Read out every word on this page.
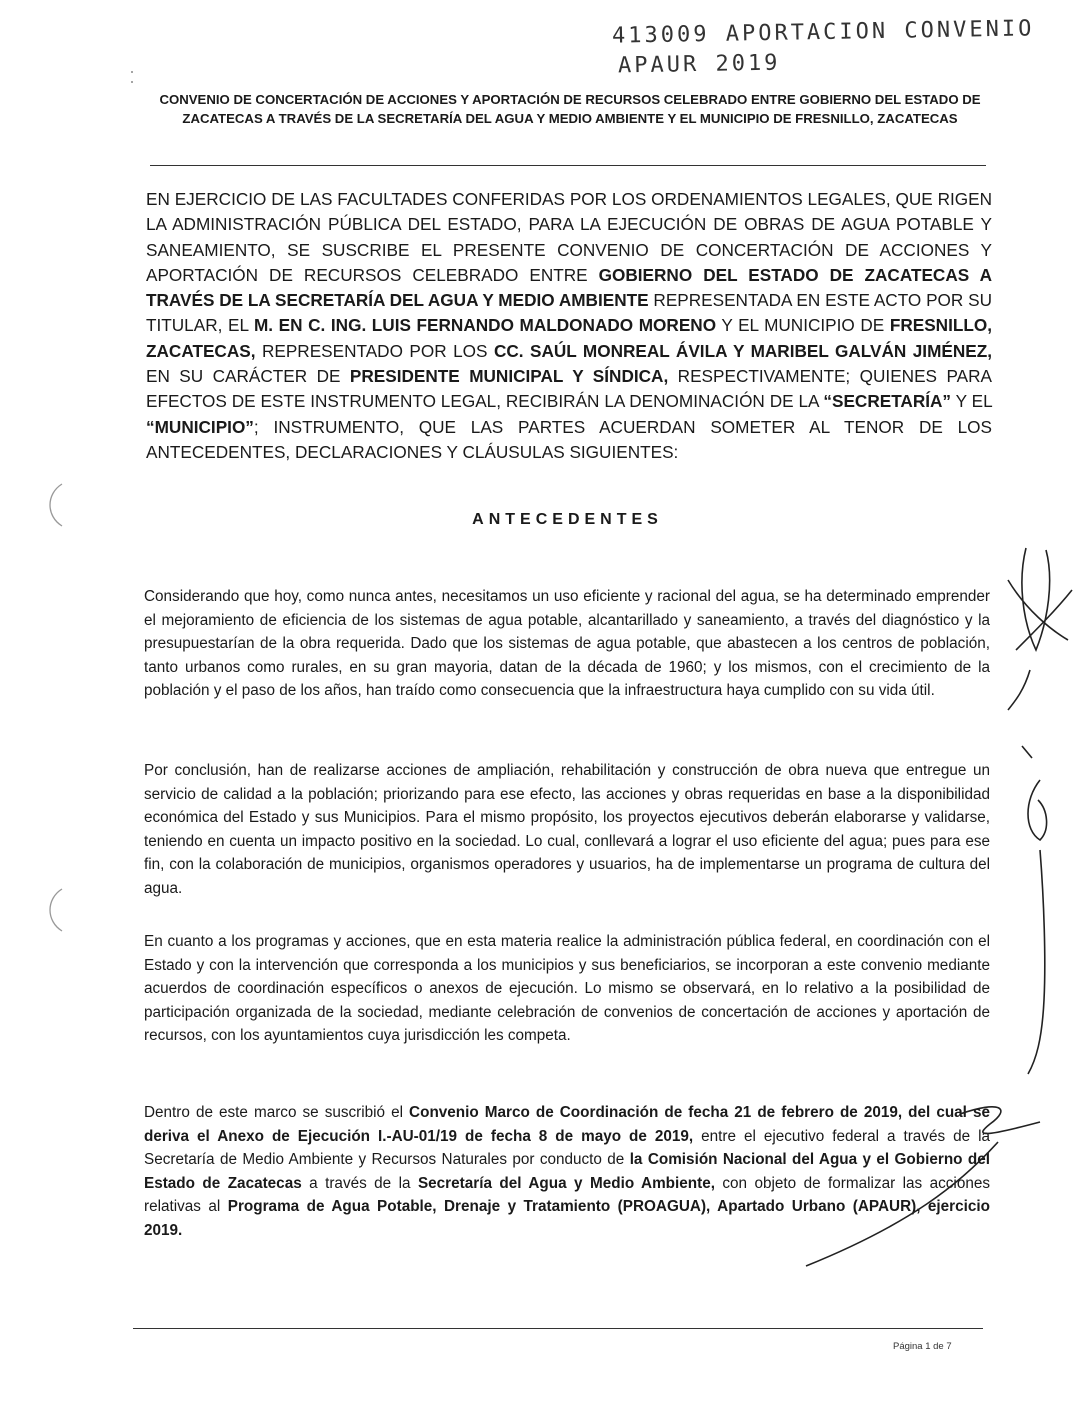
413009 APORTACION CONVENIO
APAUR 2019
CONVENIO DE CONCERTACIÓN DE ACCIONES Y APORTACIÓN DE RECURSOS CELEBRADO ENTRE GOBIERNO DEL ESTADO DE ZACATECAS A TRAVÉS DE LA SECRETARÍA DEL AGUA Y MEDIO AMBIENTE Y EL MUNICIPIO DE FRESNILLO, ZACATECAS
EN EJERCICIO DE LAS FACULTADES CONFERIDAS POR LOS ORDENAMIENTOS LEGALES, QUE RIGEN LA ADMINISTRACIÓN PÚBLICA DEL ESTADO, PARA LA EJECUCIÓN DE OBRAS DE AGUA POTABLE Y SANEAMIENTO, SE SUSCRIBE EL PRESENTE CONVENIO DE CONCERTACIÓN DE ACCIONES Y APORTACIÓN DE RECURSOS CELEBRADO ENTRE GOBIERNO DEL ESTADO DE ZACATECAS A TRAVÉS DE LA SECRETARÍA DEL AGUA Y MEDIO AMBIENTE REPRESENTADA EN ESTE ACTO POR SU TITULAR, EL M. EN C. ING. LUIS FERNANDO MALDONADO MORENO Y EL MUNICIPIO DE FRESNILLO, ZACATECAS, REPRESENTADO POR LOS CC. SAÚL MONREAL ÁVILA Y MARIBEL GALVÁN JIMÉNEZ, EN SU CARÁCTER DE PRESIDENTE MUNICIPAL Y SÍNDICA, RESPECTIVAMENTE; QUIENES PARA EFECTOS DE ESTE INSTRUMENTO LEGAL, RECIBIRÁN LA DENOMINACIÓN DE LA “SECRETARÍA” Y EL “MUNICIPIO”; INSTRUMENTO, QUE LAS PARTES ACUERDAN SOMETER AL TENOR DE LOS ANTECEDENTES, DECLARACIONES Y CLÁUSULAS SIGUIENTES:
ANTECEDENTES
Considerando que hoy, como nunca antes, necesitamos un uso eficiente y racional del agua, se ha determinado emprender el mejoramiento de eficiencia de los sistemas de agua potable, alcantarillado y saneamiento, a través del diagnóstico y la presupuestarían de la obra requerida. Dado que los sistemas de agua potable, que abastecen a los centros de población, tanto urbanos como rurales, en su gran mayoria, datan de la década de 1960; y los mismos, con el crecimiento de la población y el paso de los años, han traído como consecuencia que la infraestructura haya cumplido con su vida útil.
Por conclusión, han de realizarse acciones de ampliación, rehabilitación y construcción de obra nueva que entregue un servicio de calidad a la población; priorizando para ese efecto, las acciones y obras requeridas en base a la disponibilidad económica del Estado y sus Municipios. Para el mismo propósito, los proyectos ejecutivos deberán elaborarse y validarse, teniendo en cuenta un impacto positivo en la sociedad. Lo cual, conllevará a lograr el uso eficiente del agua; pues para ese fin, con la colaboración de municipios, organismos operadores y usuarios, ha de implementarse un programa de cultura del agua.
En cuanto a los programas y acciones, que en esta materia realice la administración pública federal, en coordinación con el Estado y con la intervención que corresponda a los municipios y sus beneficiarios, se incorporan a este convenio mediante acuerdos de coordinación específicos o anexos de ejecución. Lo mismo se observará, en lo relativo a la posibilidad de participación organizada de la sociedad, mediante celebración de convenios de concertación de acciones y aportación de recursos, con los ayuntamientos cuya jurisdicción les competa.
Dentro de este marco se suscribió el Convenio Marco de Coordinación de fecha 21 de febrero de 2019, del cual se deriva el Anexo de Ejecución I.-AU-01/19 de fecha 8 de mayo de 2019, entre el ejecutivo federal a través de la Secretaría de Medio Ambiente y Recursos Naturales por conducto de la Comisión Nacional del Agua y el Gobierno del Estado de Zacatecas a través de la Secretaría del Agua y Medio Ambiente, con objeto de formalizar las acciones relativas al Programa de Agua Potable, Drenaje y Tratamiento (PROAGUA), Apartado Urbano (APAUR), ejercicio 2019.
Página 1 de 7
